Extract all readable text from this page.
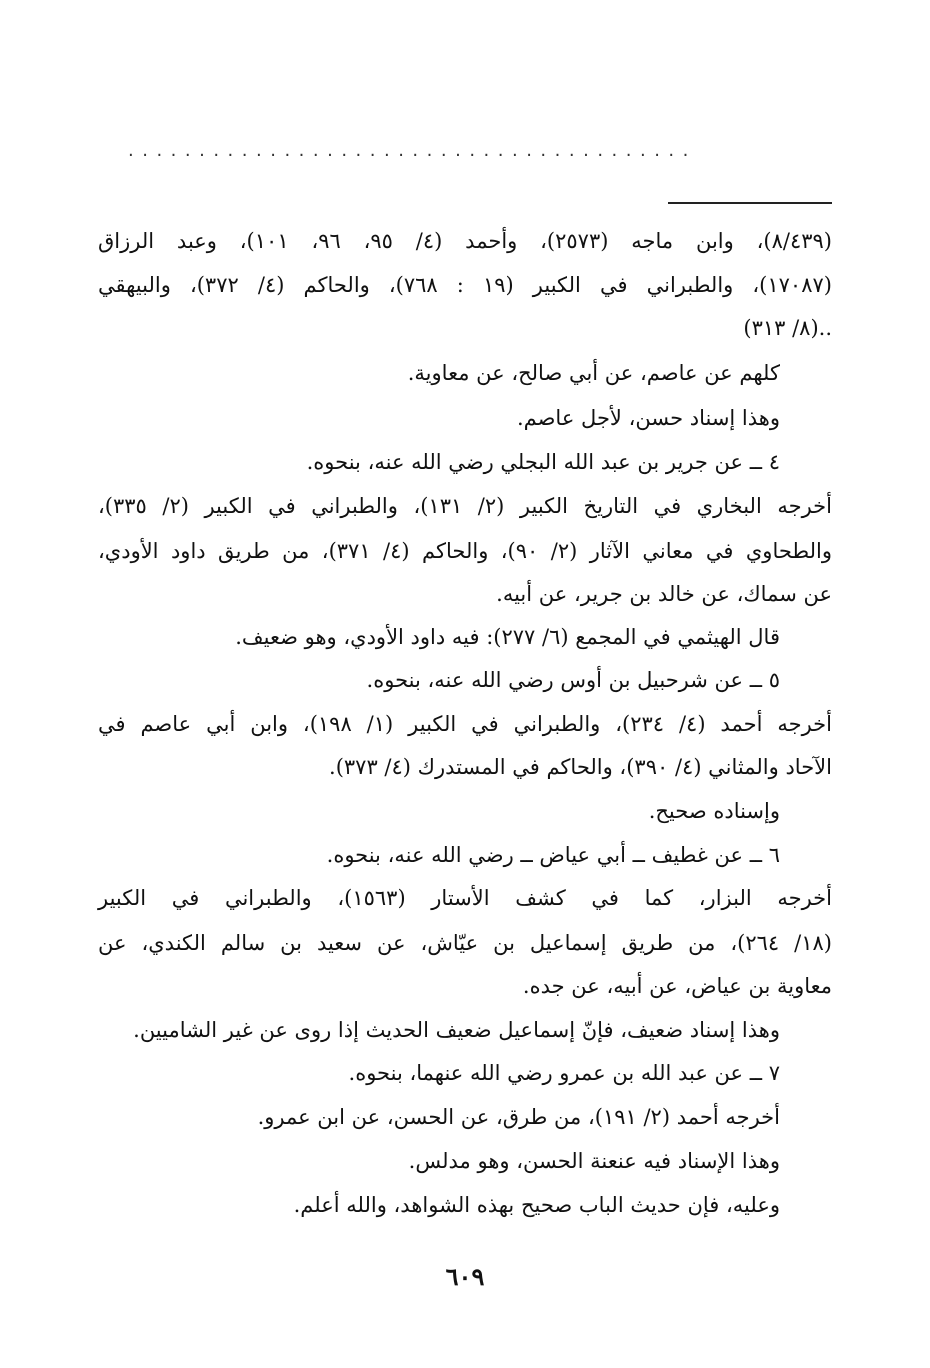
........................................
(٨/٤٣٩)، وابن ماجه (٢٥٧٣)، وأحمد (٤/ ٩٥، ٩٦، ١٠١)، وعبد الرزاق
(١٧٠٨٧)، والطبراني في الكبير (١٩ : ٧٦٨)، والحاكم (٤/ ٣٧٢)، والبيهقي
(٨/ ٣١٣)..
كلهم عن عاصم، عن أبي صالح، عن معاوية.
وهذا إسناد حسن، لأجل عاصم.
٤ ــ عن جرير بن عبد الله البجلي رضي الله عنه، بنحوه.
أخرجه البخاري في التاريخ الكبير (٢/ ١٣١)، والطبراني في الكبير (٢/ ٣٣٥)،
والطحاوي في معاني الآثار (٢/ ٩٠)، والحاكم (٤/ ٣٧١)، من طريق داود الأودي،
عن سماك، عن خالد بن جرير، عن أبيه.
قال الهيثمي في المجمع (٦/ ٢٧٧): فيه داود الأودي، وهو ضعيف.
٥ ــ عن شرحبيل بن أوس رضي الله عنه، بنحوه.
أخرجه أحمد (٤/ ٢٣٤)، والطبراني في الكبير (١/ ١٩٨)، وابن أبي عاصم في
الآحاد والمثاني (٤/ ٣٩٠)، والحاكم في المستدرك (٤/ ٣٧٣).
وإسناده صحيح.
٦ ــ عن غطيف ــ أبي عياض ــ رضي الله عنه، بنحوه.
أخرجه البزار، كما في كشف الأستار (١٥٦٣)، والطبراني في الكبير
(١٨/ ٢٦٤)، من طريق إسماعيل بن عيّاش، عن سعيد بن سالم الكندي، عن
معاوية بن عياض، عن أبيه، عن جده.
وهذا إسناد ضعيف، فإنّ إسماعيل ضعيف الحديث إذا روى عن غير الشاميين.
٧ ــ عن عبد الله بن عمرو رضي الله عنهما، بنحوه.
أخرجه أحمد (٢/ ١٩١)، من طرق، عن الحسن، عن ابن عمرو.
وهذا الإسناد فيه عنعنة الحسن، وهو مدلس.
وعليه، فإن حديث الباب صحيح بهذه الشواهد، والله أعلم.
٦٠٩
